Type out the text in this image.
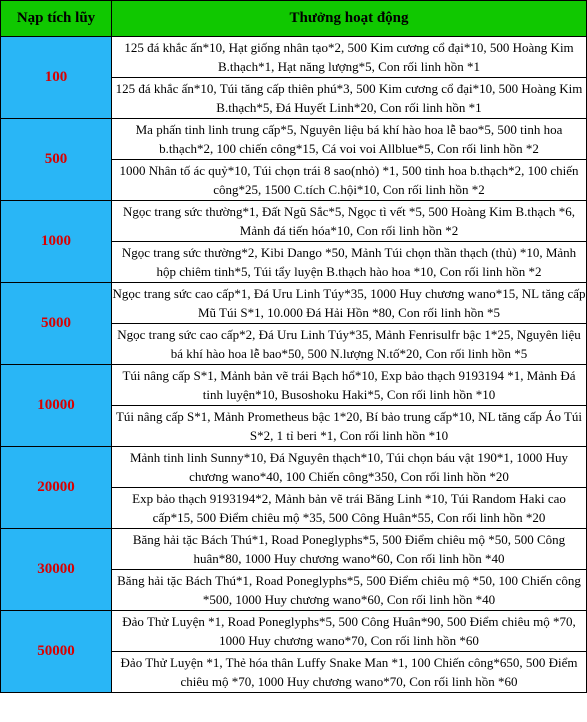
Nạp tích lũy	Thưởng hoạt động
100	125 đá khắc ấn*10, Hạt giống nhân tạo*2, 500 Kim cương cổ đại*10, 500 Hoàng Kim B.thạch*1, Hạt năng lượng*5, Con rối linh hồn *1
	125 đá khắc ấn*10, Túi tăng cấp thiên phú*3, 500 Kim cương cổ đại*10, 500 Hoàng Kim B.thạch*5, Đá Huyết Linh*20, Con rối linh hồn *1
500	Ma phấn tinh linh trung cấp*5, Nguyên liệu bá khí hào hoa lễ bao*5, 500 tinh hoa b.thạch*2, 100 chiến công*15, Cá voi voi Allblue*5, Con rối linh hồn *2
	1000 Nhân tố ác quỷ*10, Túi chọn trái 8 sao(nhỏ) *1, 500 tinh hoa b.thạch*2, 100 chiến công*25, 1500 C.tích C.hội*10, Con rối linh hồn *2
1000	Ngọc trang sức thường*1, Đất Ngũ Sắc*5, Ngọc tì vết *5, 500 Hoàng Kim B.thạch *6, Mảnh đá tiến hóa*10, Con rối linh hồn *2
	Ngọc trang sức thường*2, Kibi Dango *50, Mảnh Túi chọn thần thạch (thủ) *10, Mảnh hộp chiêm tinh*5, Túi tẩy luyện B.thạch hào hoa *10, Con rối linh hồn *2
5000	Ngọc trang sức cao cấp*1, Đá Uru Linh Túy*35, 1000 Huy chương wano*15, NL tăng cấp Mũ Túi S*1, 10.000 Đá Hải Hồn *80, Con rối linh hồn *5
	Ngọc trang sức cao cấp*2, Đá Uru Linh Túy*35, Mảnh Fenrisulfr bậc 1*25, Nguyên liệu bá khí hào hoa lễ bao*50, 500 N.lượng N.tố*20, Con rối linh hồn *5
10000	Túi nâng cấp S*1, Mảnh bản vẽ trái Bạch hổ*10, Exp bảo thạch 9193194 *1, Mảnh Đá tinh luyện*10, Busoshoku Haki*5, Con rối linh hồn *10
	Túi nâng cấp S*1, Mảnh Prometheus bậc 1*20, Bí bảo trung cấp*10, NL tăng cấp Áo Túi S*2, 1 tỉ beri *1, Con rối linh hồn *10
20000	Mảnh tinh linh Sunny*10, Đá Nguyên thạch*10, Túi chọn báu vật 190*1, 1000 Huy chương wano*40, 100 Chiến công*350, Con rối linh hồn *20
	Exp bảo thạch 9193194*2, Mảnh bản vẽ trái Băng Linh *10, Túi Random Haki cao cấp*15, 500 Điểm chiêu mộ *35, 500 Công Huân*55, Con rối linh hồn *20
30000	Băng hải tặc Bách Thú*1, Road Poneglyphs*5, 500 Điểm chiêu mộ *50, 500 Công huân*80, 1000 Huy chương wano*60, Con rối linh hồn *40
	Băng hải tặc Bách Thú*1, Road Poneglyphs*5, 500 Điểm chiêu mộ *50, 100 Chiến công *500, 1000 Huy chương wano*60, Con rối linh hồn *40
50000	Đảo Thử Luyện *1, Road Poneglyphs*5, 500 Công Huân*90, 500 Điểm chiêu mộ *70, 1000 Huy chương wano*70, Con rối linh hồn *60
	Đảo Thử Luyện *1, Thẻ hóa thân Luffy Snake Man *1, 100 Chiến công*650, 500 Điểm chiêu mộ *70, 1000 Huy chương wano*70, Con rối linh hồn *60
